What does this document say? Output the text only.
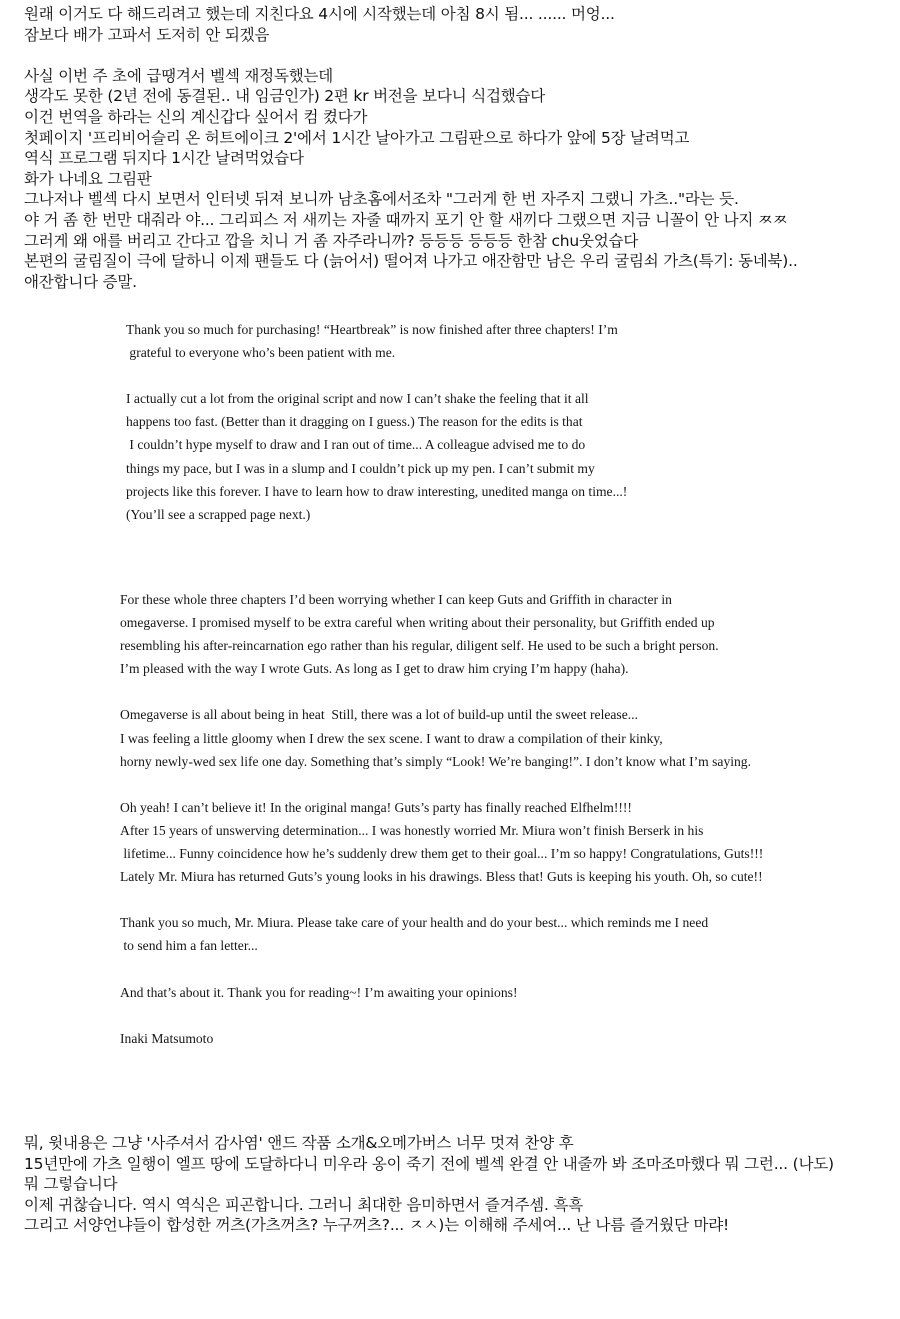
원래 이거도 다 해드리려고 했는데 지친다요 4시에 시작했는데 아침 8시 됨... ...... 머엉...
잠보다 배가 고파서 도저히 안 되겠음
사실 이번 주 초에 급땡겨서 벨섹 재정독했는데
생각도 못한 (2년 전에 동결된.. 내 임금인가) 2편 kr 버전을 보다니 식겁했습다
이건 번역을 하라는 신의 계신갑다 싶어서 컴 켰다가
첫페이지 '프리비어슬리 온 허트에이크 2'에서 1시간 날아가고 그림판으로 하다가 앞에 5장 날려먹고
역식 프로그램 뒤지다 1시간 날려먹었습다
화가 나네요 그림판
그나저나 벨섹 다시 보면서 인터넷 뒤져 보니까 남초홈에서조차 "그러게 한 번 자주지 그랬니 가츠.."라는 듯.
야 거 좀 한 번만 대줘라 야... 그리피스 저 새끼는 자줄 때까지 포기 안 할 새끼다 그랬으면 지금 니꼴이 안 나지 ㅉㅉ
그러게 왜 애를 버리고 간다고 깝을 치니 거 좀 자주라니까? 등등등 등등등 한참 chu웃었습다
본편의 굴림질이 극에 달하니 이제 팬들도 다 (늙어서) 떨어져 나가고 애잔함만 남은 우리 굴림쇠 가츠(특기: 동네북)..
애잔합니다 증말.
Thank you so much for purchasing! “Heartbreak” is now finished after three chapters! I’m
grateful to everyone who’s been patient with me.
I actually cut a lot from the original script and now I can’t shake the feeling that it all
happens too fast. (Better than it dragging on I guess.) The reason for the edits is that
I couldn’t hype myself to draw and I ran out of time... A colleague advised me to do
things my pace, but I was in a slump and I couldn’t pick up my pen. I can’t submit my
projects like this forever. I have to learn how to draw interesting, unedited manga on time...!
(You’ll see a scrapped page next.)
For these whole three chapters I’d been worrying whether I can keep Guts and Griffith in character in
omegaverse. I promised myself to be extra careful when writing about their personality, but Griffith ended up
resembling his after-reincarnation ego rather than his regular, diligent self. He used to be such a bright person.
I’m pleased with the way I wrote Guts. As long as I get to draw him crying I’m happy (haha).
Omegaverse is all about being in heat  Still, there was a lot of build-up until the sweet release...
I was feeling a little gloomy when I drew the sex scene. I want to draw a compilation of their kinky,
horny newly-wed sex life one day. Something that’s simply “Look! We’re banging!”. I don’t know what I’m saying.
Oh yeah! I can’t believe it! In the original manga! Guts’s party has finally reached Elfhelm!!!!
After 15 years of unswerving determination... I was honestly worried Mr. Miura won’t finish Berserk in his
lifetime... Funny coincidence how he’s suddenly drew them get to their goal... I’m so happy! Congratulations, Guts!!!
Lately Mr. Miura has returned Guts’s young looks in his drawings. Bless that! Guts is keeping his youth. Oh, so cute!!
Thank you so much, Mr. Miura. Please take care of your health and do your best... which reminds me I need
to send him a fan letter...
And that’s about it. Thank you for reading~! I’m awaiting your opinions!
Inaki Matsumoto
뭐, 윗내용은 그냥 '사주셔서 감사염' 앤드 작품 소개&오메가버스 너무 멋져 찬양 후
15년만에 가츠 일행이 엘프 땅에 도달하다니 미우라 옹이 죽기 전에 벨섹 완결 안 내줄까 봐 조마조마했다 뭐 그런... (나도)
뭐 그렇습니다
이제 귀찮습니다. 역시 역식은 피곤합니다. 그러니 최대한 음미하면서 즐겨주셈. 흑흑
그리고 서양언냐들이 합성한 꺼츠(가츠꺼츠? 누구꺼츠?... ㅈㅅ)는 이해해 주세여... 난 나름 즐거웠단 마랴!
